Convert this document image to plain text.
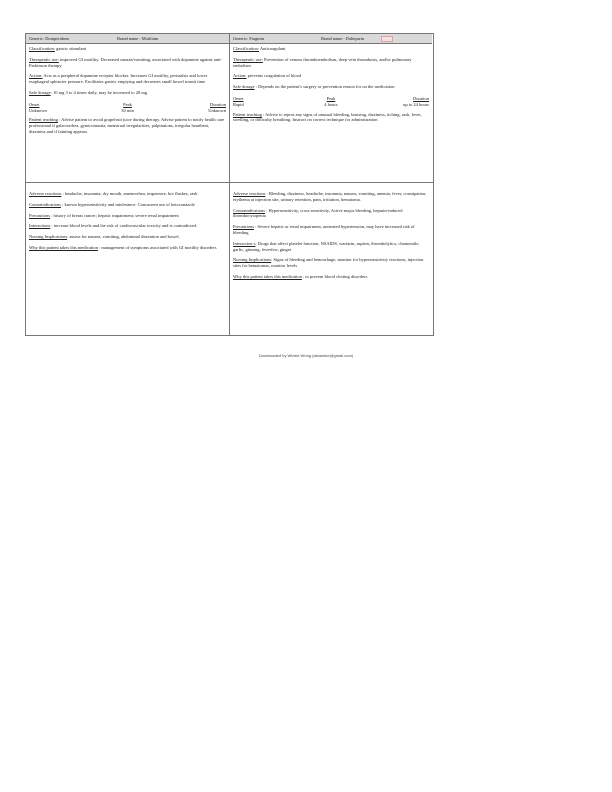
Generic: Domperidone	Brand name : Motilium
Classification: gastric stimulant
Therapeutic use: improved GI motility. Decreased nausea/vomiting, associated with dopamine against anti-Parkinson therapy
Action: Acts as a peripheral dopamine receptor blocker. Increases GI motility, peristalsis and lower esophageal sphincter pressure. Facilitates gastric emptying and decreases small bowel transit time
Safe dosage: 10 mg 3 to 4 times daily, may be increased to 20 mg
Onset	Peak	Duration
Unknown	30 min	Unknown
Patient teaching : Advise patient to avoid grapefruit juice during therapy. Advise patient to notify health care professional if galactorrhea, gynecomastia, menstrual irregularities, palpitations, irregular heartbeat, dizziness and if fainting appears.
Generic: Fragmin	Brand name : Dalteparin
Classification: Anticoagulant
Therapeutic use: Prevention of venous thromboembolism, deep vein thrombosis, and/or pulmonary embolism
Action: prevents coagulation of blood
Safe dosage : Depends on the patient's surgery or prevention reason for on the medication
Onset	Peak	Duration
Rapid	4 hours	up to 24 hours
Patient teaching : Advise to report any signs of unusual bleeding, bruising, dizziness, itching, rash, fever, swelling, or difficulty breathing. Instruct on correct technique for administration
Adverse reactions : headache, insomnia, dry mouth, amenorrhea, impotence, hot flushes, rash
Contraindications : known hypersensitivity and intolerance. Concurrent use of ketoconazole
Precautions : history of breast cancer; hepatic impairment; severe renal impairment
Interactions : increase blood levels and the risk of cardiovascular toxicity and is contradicted.
Nursing Implications: assess for nausea, vomiting, abdominal distention and bowel.
Why this patient takes this medication : management of symptoms associated with GI motility disorders
Adverse reactions : Bleeding, dizziness, headache, insomnia, nausea, vomiting, anemia, fever, constipation, erythema at injection site, urinary retention, pain, irritation, hematoma.
Contraindications : Hypersensitivity, cross sensitivity, Active major bleeding, heparin-induced thrombocytopenia
Precautions : Severe hepatic or renal impairment, untreated hypertension, may have increased risk of bleeding
Interaction s: Drugs that affect platelet function, NSAIDS, warfarin, aspirin, thrombolytics, chamomile, garlic, ginseng, feverfew, ginger
Nursing Implications: Signs of bleeding and hemorrhage, monitor for hypersensitivity reactions, injection sites for hematomas, monitor levels
Why this patient takes this medication : to prevent blood clotting disorders
Downloaded by Winkie Wong (wkwinkie@gmail.com)
